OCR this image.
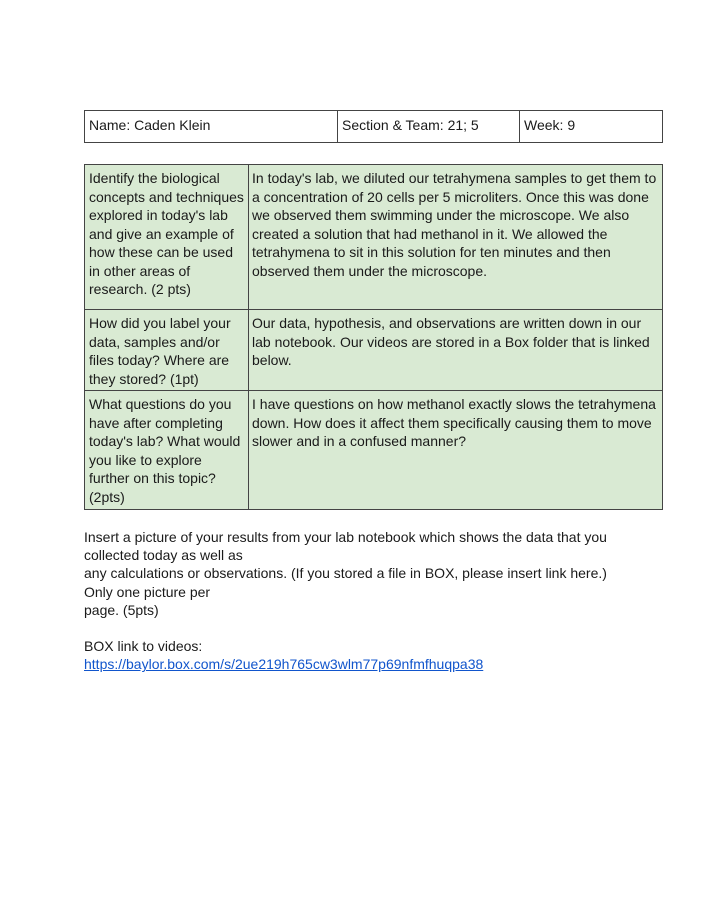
Name: Caden Klein	Section & Team: 21; 5	Week: 9
Identify the biological concepts and techniques explored in today's lab and give an example of how these can be used in other areas of research. (2 pts)	In today's lab, we diluted our tetrahymena samples to get them to a concentration of 20 cells per 5 microliters. Once this was done we observed them swimming under the microscope. We also created a solution that had methanol in it. We allowed the tetrahymena to sit in this solution for ten minutes and then observed them under the microscope.
How did you label your data, samples and/or files today? Where are they stored? (1pt)	Our data, hypothesis, and observations are written down in our lab notebook. Our videos are stored in a Box folder that is linked below.
What questions do you have after completing today's lab? What would you like to explore further on this topic? (2pts)	I have questions on how methanol exactly slows the tetrahymena down. How does it affect them specifically causing them to move slower and in a confused manner?

Insert a picture of your results from your lab notebook which shows the data that you

collected today as well as

any calculations or observations. (If you stored a file in BOX, please insert link here.)

Only one picture per

page. (5pts)

BOX link to videos:

https://baylor.box.com/s/2ue219h765cw3wlm77p69nfmfhuqpa38
